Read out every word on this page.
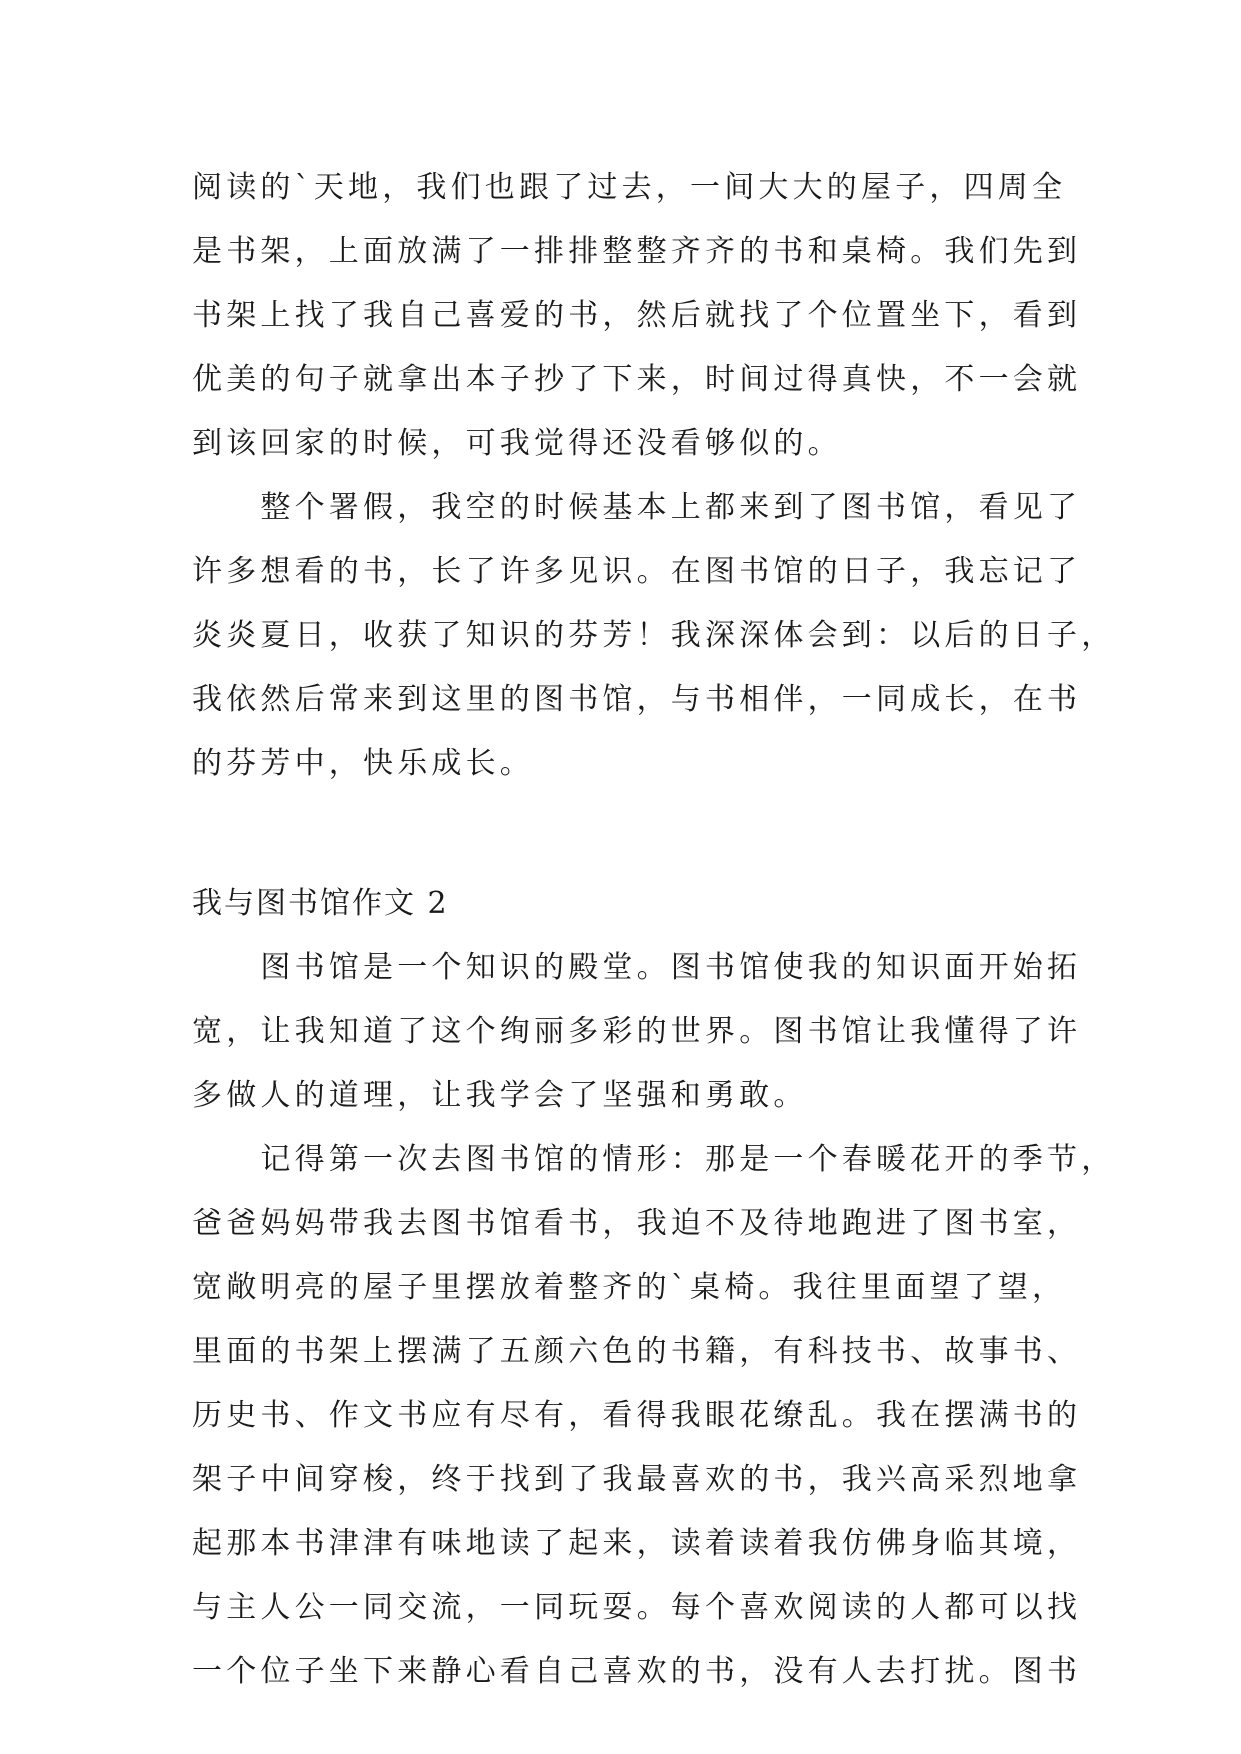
阅读的`天地，我们也跟了过去，一间大大的屋子，四周全
是书架，上面放满了一排排整整齐齐的书和桌椅。我们先到
书架上找了我自己喜爱的书，然后就找了个位置坐下，看到
优美的句子就拿出本子抄了下来，时间过得真快，不一会就
到该回家的时候，可我觉得还没看够似的。
　　整个署假，我空的时候基本上都来到了图书馆，看见了
许多想看的书，长了许多见识。在图书馆的日子，我忘记了
炎炎夏日，收获了知识的芬芳！我深深体会到：以后的日子，
我依然后常来到这里的图书馆，与书相伴，一同成长，在书
的芬芳中，快乐成长。
我与图书馆作文 2
　　图书馆是一个知识的殿堂。图书馆使我的知识面开始拓
宽，让我知道了这个绚丽多彩的世界。图书馆让我懂得了许
多做人的道理，让我学会了坚强和勇敢。
　　记得第一次去图书馆的情形：那是一个春暖花开的季节，
爸爸妈妈带我去图书馆看书，我迫不及待地跑进了图书室，
宽敞明亮的屋子里摆放着整齐的`桌椅。我往里面望了望，
里面的书架上摆满了五颜六色的书籍，有科技书、故事书、
历史书、作文书应有尽有，看得我眼花缭乱。我在摆满书的
架子中间穿梭，终于找到了我最喜欢的书，我兴高采烈地拿
起那本书津津有味地读了起来，读着读着我仿佛身临其境，
与主人公一同交流，一同玩耍。每个喜欢阅读的人都可以找
一个位子坐下来静心看自己喜欢的书，没有人去打扰。图书
